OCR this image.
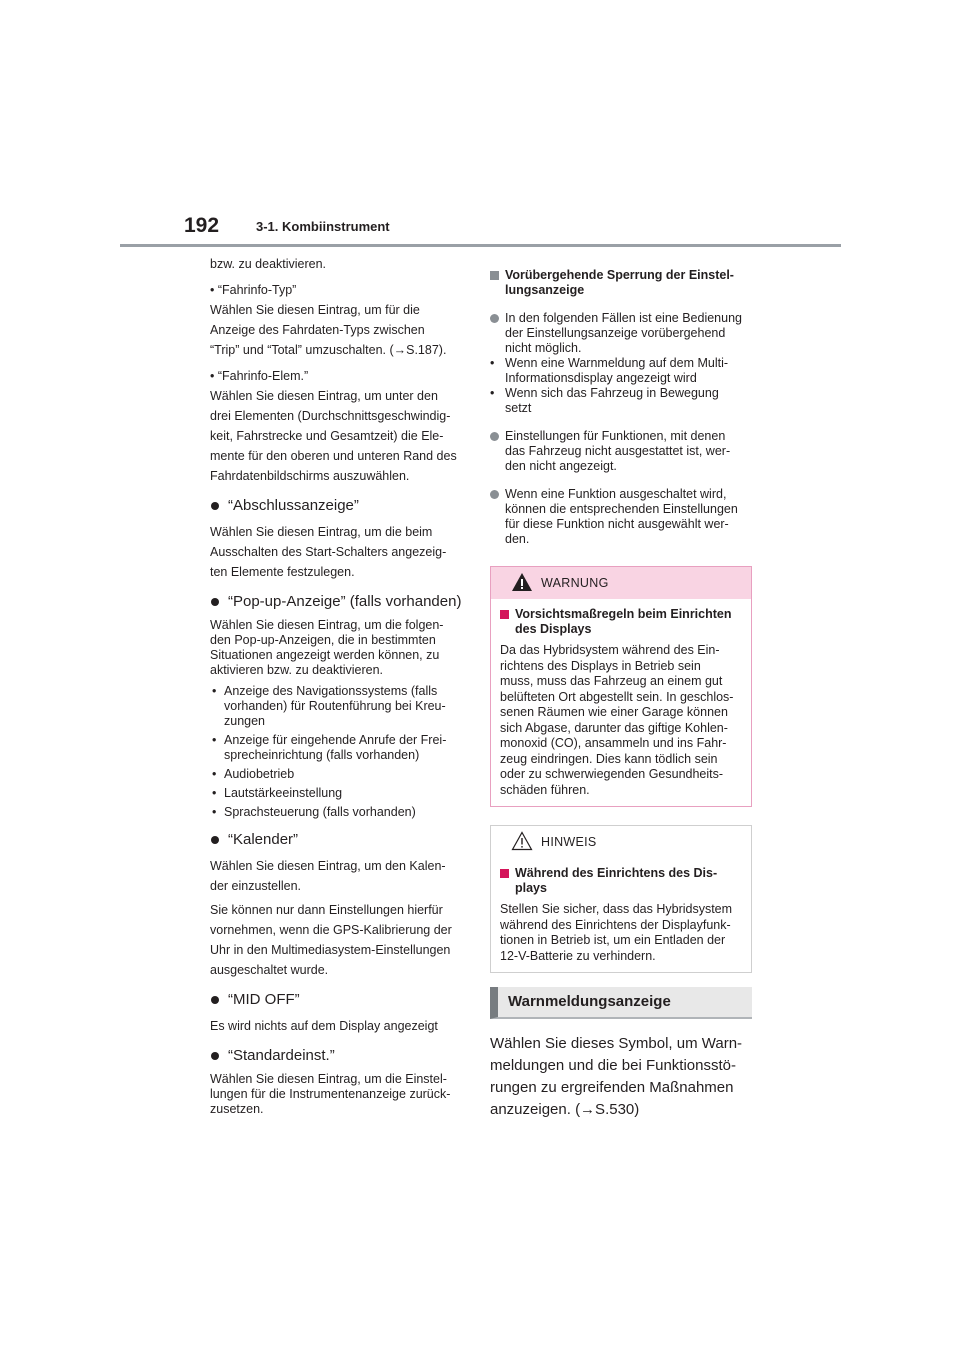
192	3-1. Kombiinstrument

bzw. zu deaktivieren.

• “Fahrinfo-Typ”

Wählen Sie diesen Eintrag, um für die

Anzeige des Fahrdaten-Typs zwischen

“Trip” und “Total” umzuschalten. (→S.187).

• “Fahrinfo-Elem.”

Wählen Sie diesen Eintrag, um unter den

drei Elementen (Durchschnittsgeschwindig-

keit, Fahrstrecke und Gesamtzeit) die Ele-

mente für den oberen und unteren Rand des

Fahrdatenbildschirms auszuwählen.

“Abschlussanzeige”

Wählen Sie diesen Eintrag, um die beim

Ausschalten des Start-Schalters angezeig-

ten Elemente festzulegen.

“Pop-up-Anzeige” (falls vorhanden)

Wählen Sie diesen Eintrag, um die folgen-

den Pop-up-Anzeigen, die in bestimmten

Situationen angezeigt werden können, zu

aktivieren bzw. zu deaktivieren.

• Anzeige des Navigationssystems (falls
vorhanden) für Routenführung bei Kreu-
zungen
• Anzeige für eingehende Anrufe der Frei-
sprecheinrichtung (falls vorhanden)
• Audiobetrieb
• Lautstärkeeinstellung
• Sprachsteuerung (falls vorhanden)
“Kalender”

Wählen Sie diesen Eintrag, um den Kalen-

der einzustellen.

Sie können nur dann Einstellungen hierfür

vornehmen, wenn die GPS-Kalibrierung der

Uhr in den Multimediasystem-Einstellungen

ausgeschaltet wurde.

“MID OFF”

Es wird nichts auf dem Display angezeigt

“Standardeinst.”

Wählen Sie diesen Eintrag, um die Einstel-

lungen für die Instrumentenanzeige zurück-

zusetzen.

Vorübergehende Sperrung der Einstel-
lungsanzeige
In den folgenden Fällen ist eine Bedienung
der Einstellungsanzeige vorübergehend
nicht möglich.
• Wenn eine Warnmeldung auf dem Multi-
Informationsdisplay angezeigt wird
• Wenn sich das Fahrzeug in Bewegung
setzt
Einstellungen für Funktionen, mit denen
das Fahrzeug nicht ausgestattet ist, wer-
den nicht angezeigt.
Wenn eine Funktion ausgeschaltet wird,
können die entsprechenden Einstellungen
für diese Funktion nicht ausgewählt wer-
den.
WARNUNG
Vorsichtsmaßregeln beim Einrichten
des Displays
Da das Hybridsystem während des Ein-
richtens des Displays in Betrieb sein
muss, muss das Fahrzeug an einem gut
belüfteten Ort abgestellt sein. In geschlos-
senen Räumen wie einer Garage können
sich Abgase, darunter das giftige Kohlen-
monoxid (CO), ansammeln und ins Fahr-
zeug eindringen. Dies kann tödlich sein
oder zu schwerwiegenden Gesundheits-
schäden führen.
HINWEIS
Während des Einrichtens des Dis-
plays
Stellen Sie sicher, dass das Hybridsystem
während des Einrichtens der Displayfunk-
tionen in Betrieb ist, um ein Entladen der
12-V-Batterie zu verhindern.
Warnmeldungsanzeige
Wählen Sie dieses Symbol, um Warn-
meldungen und die bei Funktionsstö-
rungen zu ergreifenden Maßnahmen
anzuzeigen. (→S.530)
